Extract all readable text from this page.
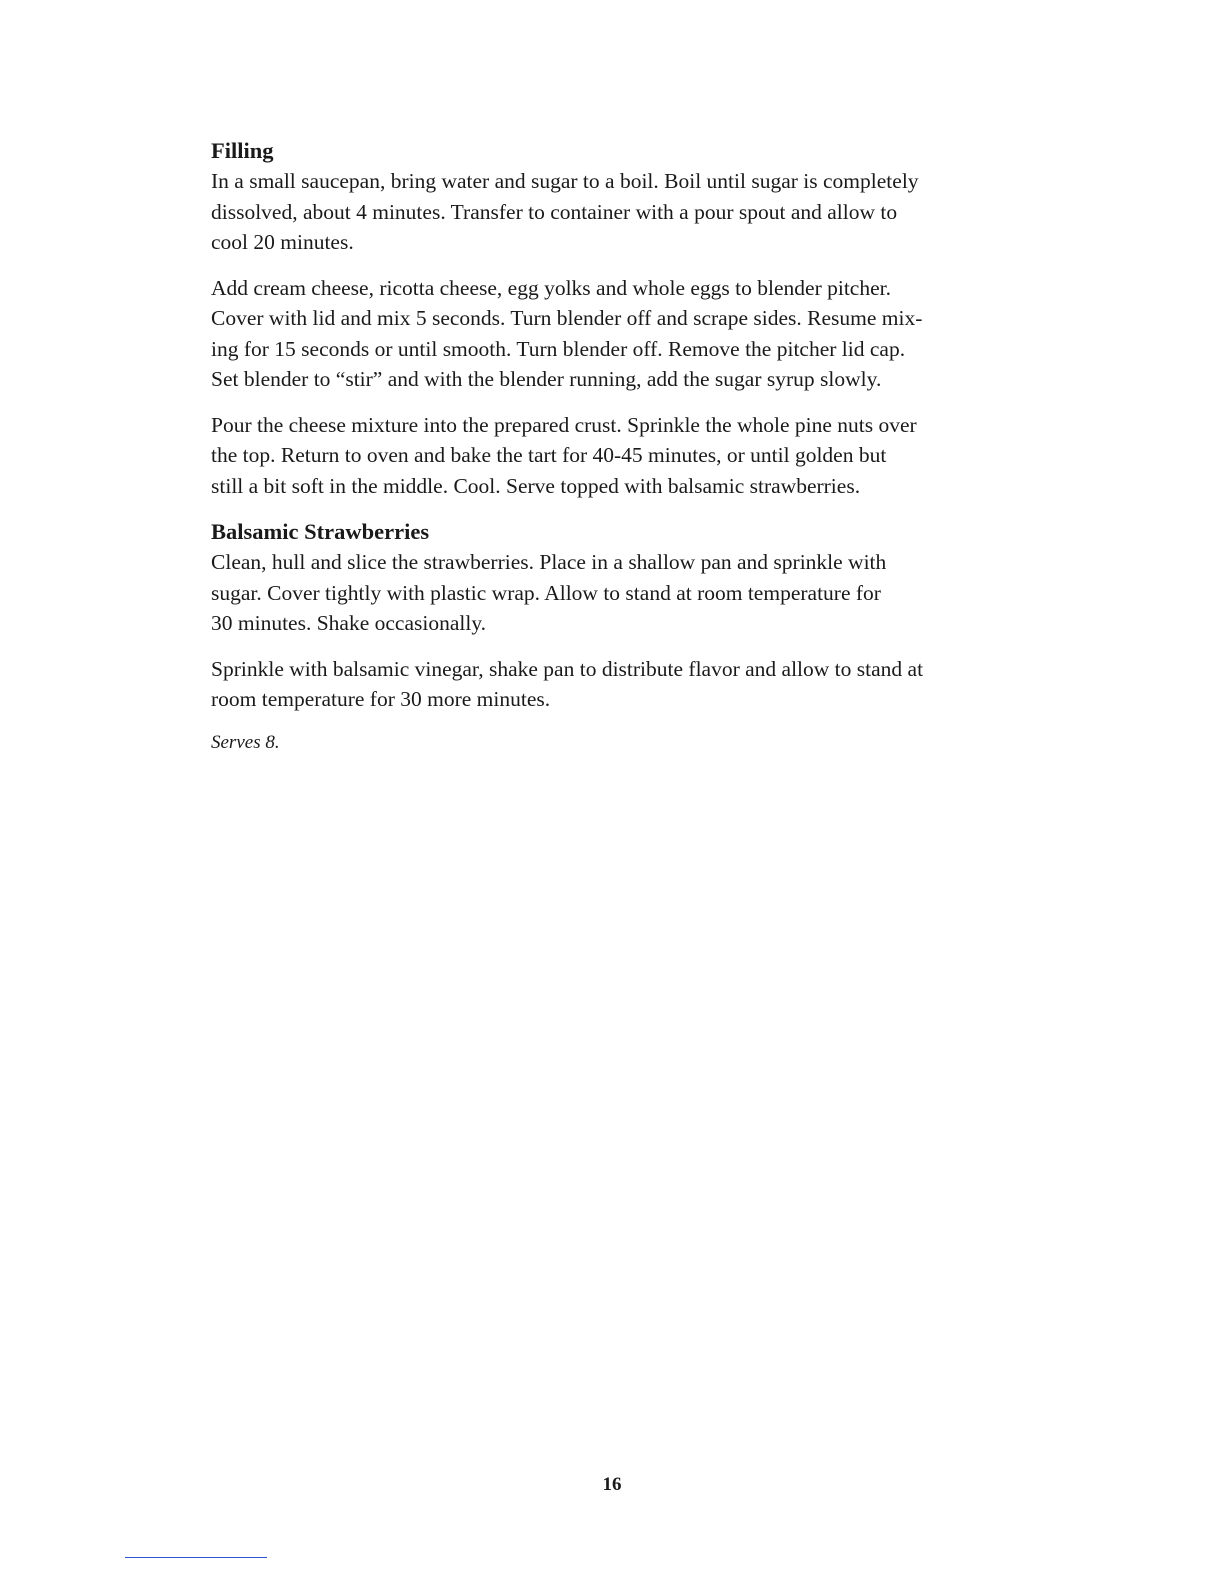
Filling

In a small saucepan, bring water and sugar to a boil. Boil until sugar is completely
dissolved, about 4 minutes. Transfer to container with a pour spout and allow to
cool 20 minutes.

Add cream cheese, ricotta cheese, egg yolks and whole eggs to blender pitcher.
Cover with lid and mix 5 seconds. Turn blender off and scrape sides. Resume mix-
ing for 15 seconds or until smooth. Turn blender off. Remove the pitcher lid cap.
Set blender to “stir” and with the blender running, add the sugar syrup slowly.

Pour the cheese mixture into the prepared crust. Sprinkle the whole pine nuts over
the top. Return to oven and bake the tart for 40-45 minutes, or until golden but
still a bit soft in the middle. Cool. Serve topped with balsamic strawberries.

Balsamic Strawberries

Clean, hull and slice the strawberries. Place in a shallow pan and sprinkle with
sugar. Cover tightly with plastic wrap. Allow to stand at room temperature for
30 minutes. Shake occasionally.

Sprinkle with balsamic vinegar, shake pan to distribute flavor and allow to stand at
room temperature for 30 more minutes.

Serves 8.

16
